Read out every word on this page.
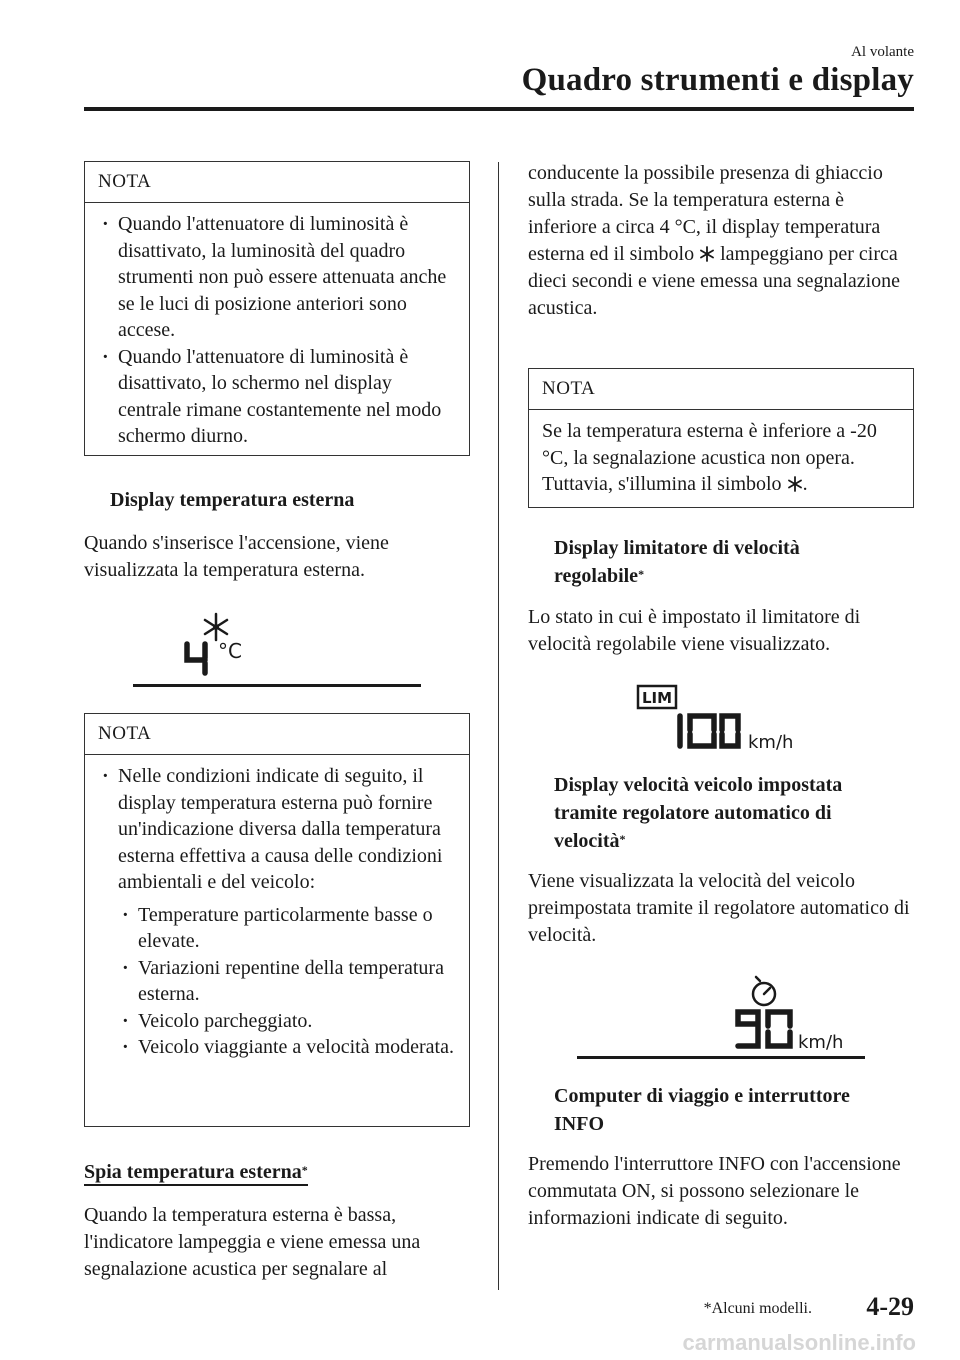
Al volante
Quadro strumenti e display
NOTA
· Quando l'attenuatore di luminosità è disattivato, la luminosità del quadro strumenti non può essere attenuata anche se le luci di posizione anteriori sono accese.
· Quando l'attenuatore di luminosità è disattivato, lo schermo nel display centrale rimane costantemente nel modo schermo diurno.
Display temperatura esterna

Quando s'inserisce l'accensione, viene visualizzata la temperatura esterna.

°C
NOTA
· Nelle condizioni indicate di seguito, il display temperatura esterna può fornire un'indicazione diversa dalla temperatura esterna effettiva a causa delle condizioni ambientali e del veicolo:
· Temperature particolarmente basse o elevate.
· Variazioni repentine della temperatura esterna.
· Veicolo parcheggiato.
· Veicolo viaggiante a velocità moderata.
Spia temperatura esterna*

Quando la temperatura esterna è bassa, l'indicatore lampeggia e viene emessa una segnalazione acustica per segnalare al

conducente la possibile presenza di ghiaccio sulla strada. Se la temperatura esterna è inferiore a circa 4 °C, il display temperatura esterna ed il simbolo lampeggiano per circa dieci secondi e viene emessa una segnalazione acustica.

NOTA
Se la temperatura esterna è inferiore a -20 °C, la segnalazione acustica non opera. Tuttavia, s'illumina il simbolo .
Display limitatore di velocità regolabile*

Lo stato in cui è impostato il limitatore di velocità regolabile viene visualizzato.

LIM
km/h
Display velocità veicolo impostata tramite regolatore automatico di velocità*

Viene visualizzata la velocità del veicolo preimpostata tramite il regolatore automatico di velocità.

km/h
Computer di viaggio e interruttore INFO

Premendo l'interruttore INFO con l'accensione commutata ON, si possono selezionare le informazioni indicate di seguito.

*Alcuni modelli. 4-29
carmanualsonline.info
